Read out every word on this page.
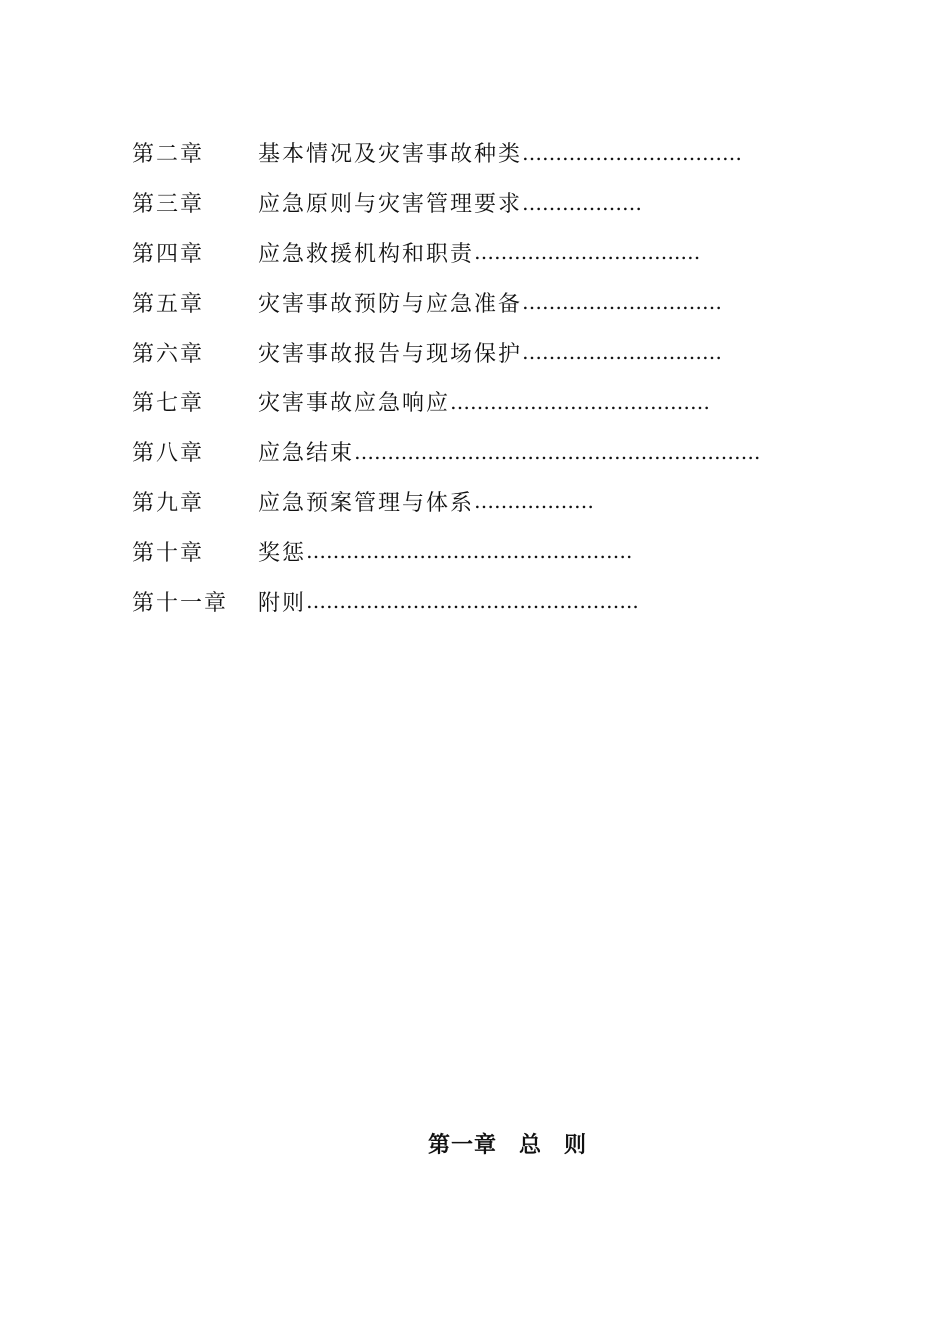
第二章	基本情况及灾害事故种类 ……………………………
第三章	应急原则与灾害管理要求 ………………
第四章	应急救援机构和职责 ………………………….…
第五章	灾害事故预防与应急准备 …………………………
第六章	灾害事故报告与现场保护 …………………………
第七章	灾害事故应急响应 …………………………………
第八章	应急结束 …………………………………………………….
第九章	应急预案管理与体系 ………………
第十章	奖惩 ………………………………………….
第十一章	附则 …………………………………………..
第一章 总 则
